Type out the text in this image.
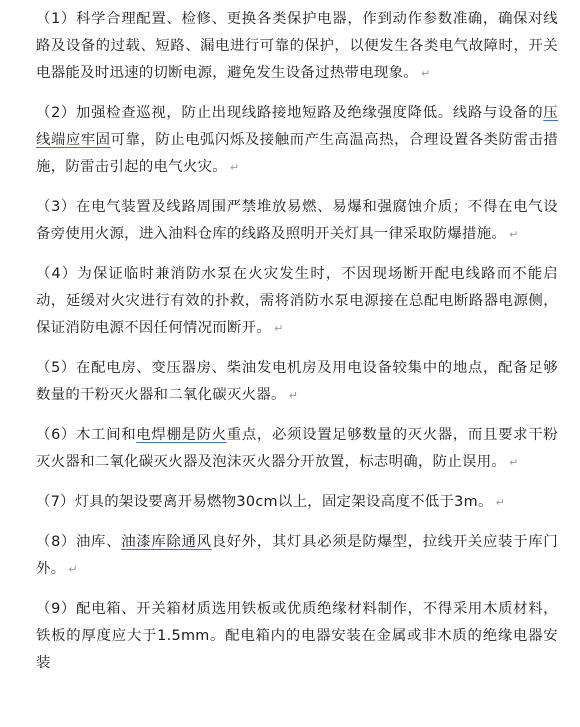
（1）科学合理配置、检修、更换各类保护电器，作到动作参数准确，确保对线路及设备的过载、短路、漏电进行可靠的保护，以便发生各类电气故障时，开关电器能及时迅速的切断电源，避免发生设备过热带电现象。 ↵

（2）加强检查巡视，防止出现线路接地短路及绝缘强度降低。线路与设备的压线端应牢固可靠，防止电弧闪烁及接触而产生高温高热，合理设置各类防雷击措施，防雷击引起的电气火灾。 ↵

（3）在电气装置及线路周围严禁堆放易燃、易爆和强腐蚀介质；不得在电气设备旁使用火源，进入油料仓库的线路及照明开关灯具一律采取防爆措施。 ↵

（4）为保证临时兼消防水泵在火灾发生时，不因现场断开配电线路而不能启动，延缓对火灾进行有效的扑救，需将消防水泵电源接在总配电断路器电源侧，保证消防电源不因任何情况而断开。 ↵

（5）在配电房、变压器房、柴油发电机房及用电设备较集中的地点，配备足够数量的干粉灭火器和二氧化碳灭火器。 ↵

（6）木工间和电焊棚是防火重点，必须设置足够数量的灭火器，而且要求干粉灭火器和二氧化碳灭火器及泡沫灭火器分开放置，标志明确，防止误用。 ↵

（7）灯具的架设要离开易燃物30cm以上，固定架设高度不低于3m。 ↵

（8）油库、油漆库除通风良好外，其灯具必须是防爆型，拉线开关应装于库门外。 ↵

（9）配电箱、开关箱材质选用铁板或优质绝缘材料制作，不得采用木质材料，铁板的厚度应大于1.5mm。配电箱内的电器安装在金属或非木质的绝缘电器安装
